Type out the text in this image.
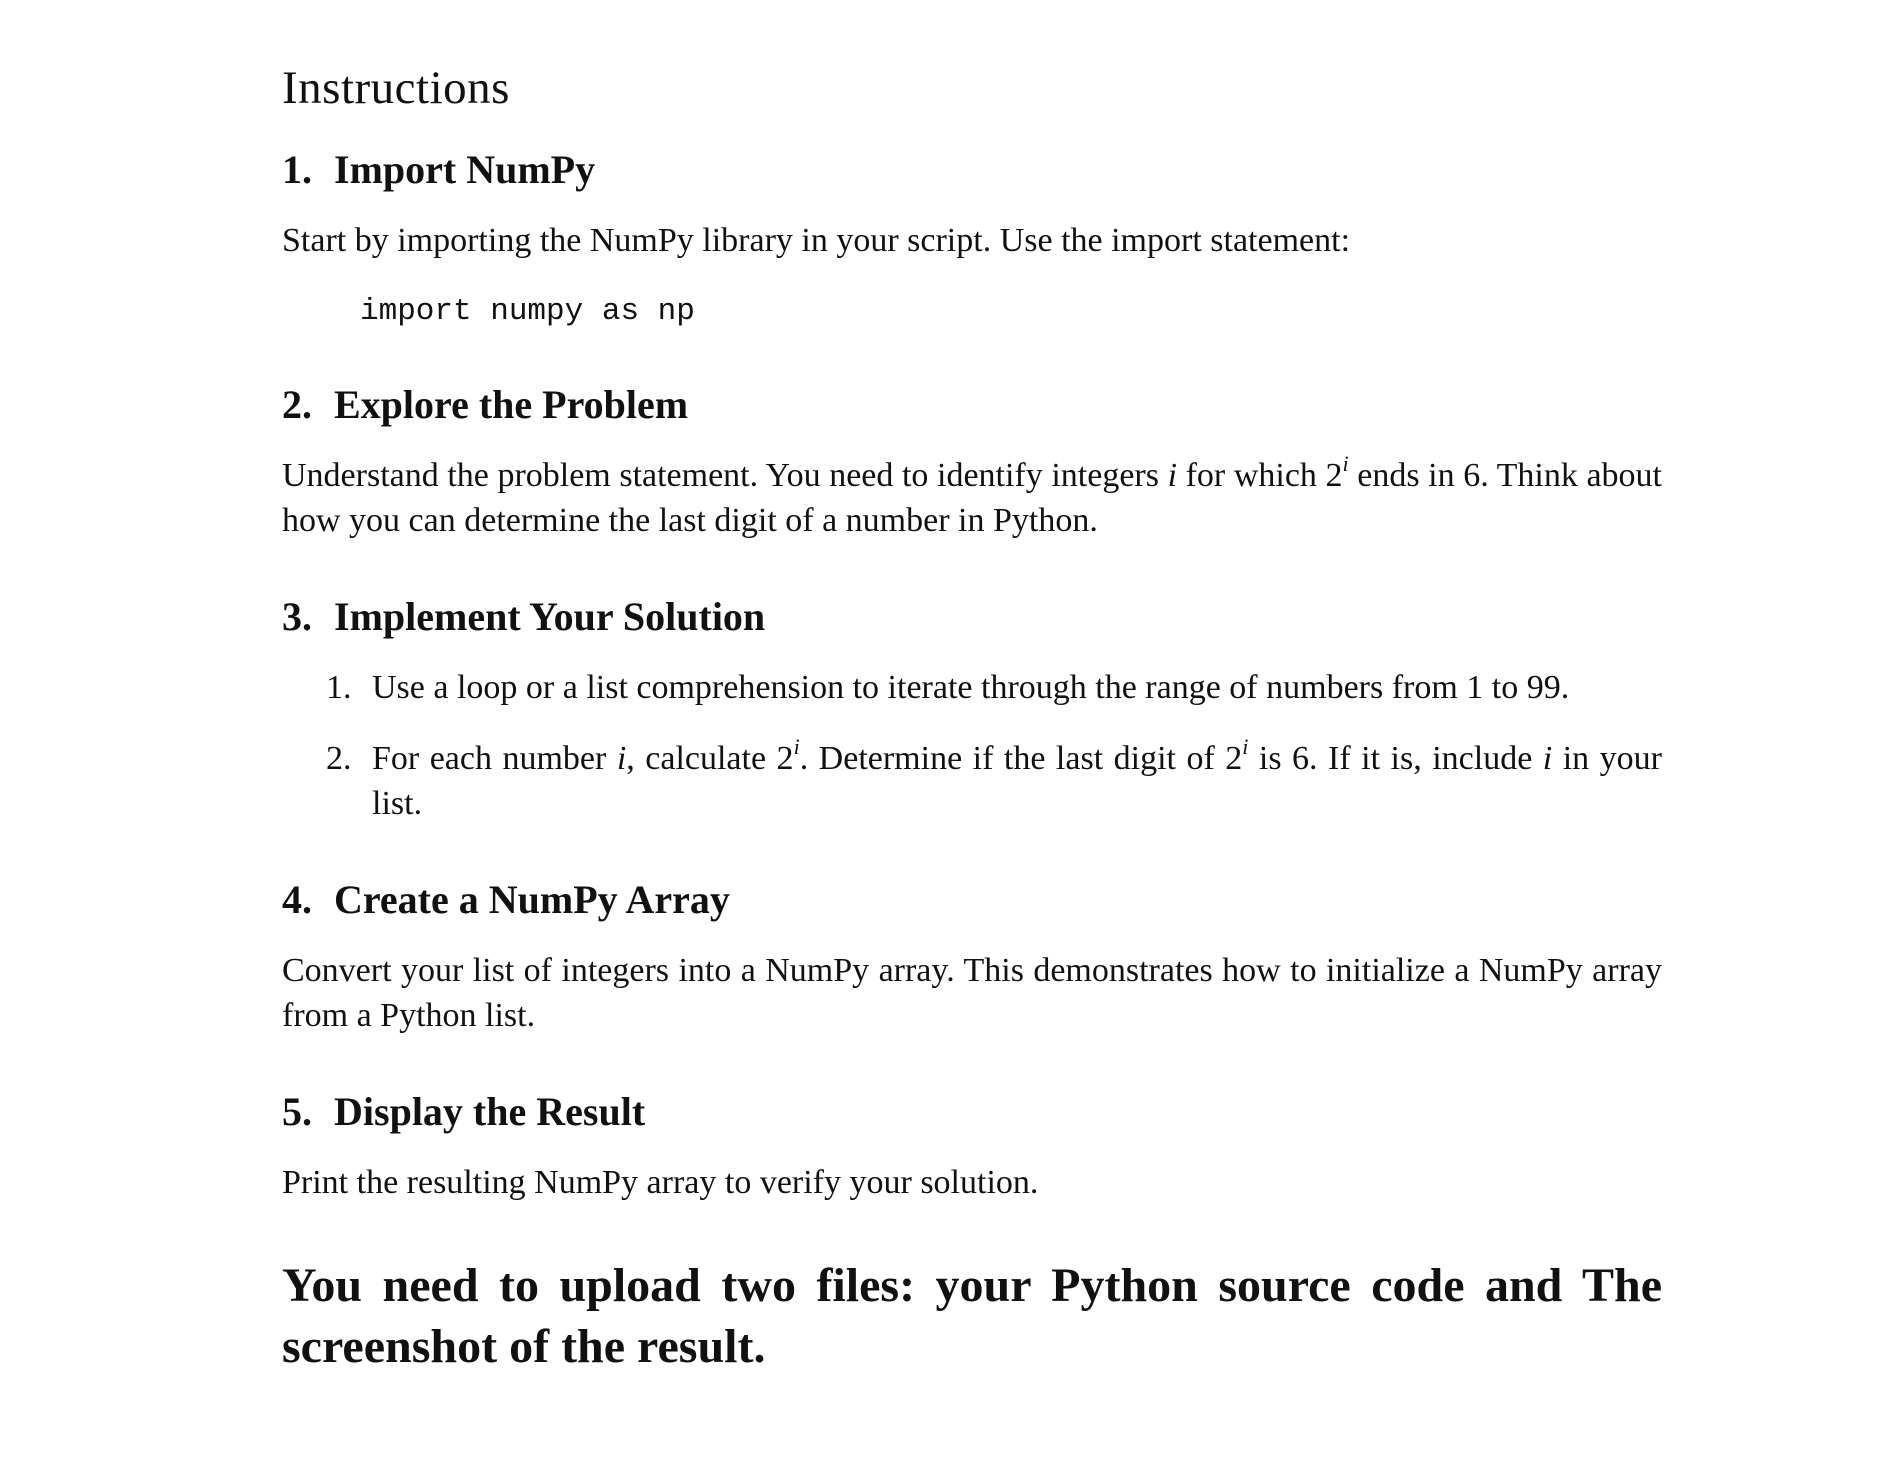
Instructions
1. Import NumPy

Start by importing the NumPy library in your script. Use the import statement:

import numpy as np

2. Explore the Problem

Understand the problem statement. You need to identify integers i for which 2$^i$ ends in 6. Think about how you can determine the last digit of a number in Python.

3. Implement Your Solution
1. Use a loop or a list comprehension to iterate through the range of numbers from 1 to 99.
2. For each number i, calculate 2$^i$. Determine if the last digit of 2$^i$ is 6. If it is, include i in your list.
4. Create a NumPy Array

Convert your list of integers into a NumPy array. This demonstrates how to initialize a NumPy array from a Python list.

5. Display the Result

Print the resulting NumPy array to verify your solution.

You need to upload two files: your Python source code and The screenshot of the result.
